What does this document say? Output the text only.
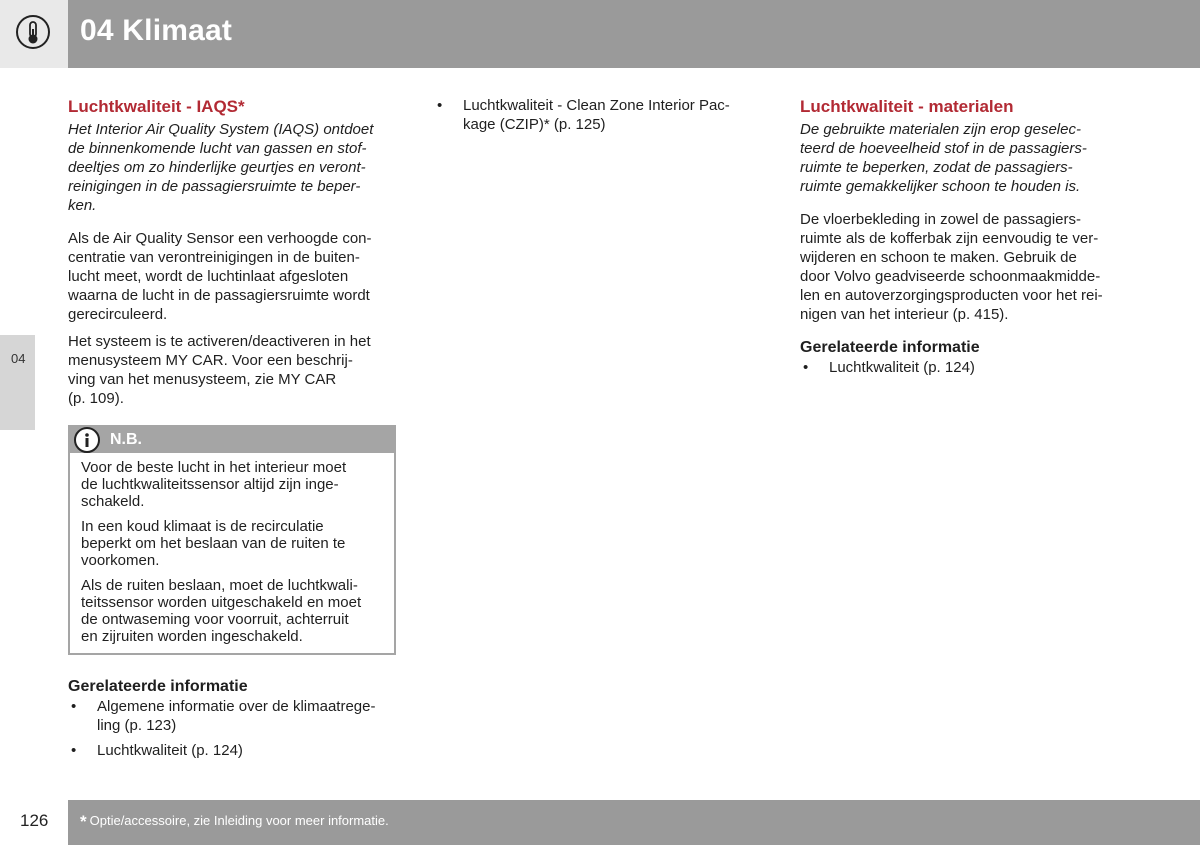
04 Klimaat
04
Luchtkwaliteit - IAQS*

Het Interior Air Quality System (IAQS) ontdoet
de binnenkomende lucht van gassen en stof-
deeltjes om zo hinderlijke geurtjes en veront-
reinigingen in de passagiersruimte te beper-
ken.

Als de Air Quality Sensor een verhoogde con-
centratie van verontreinigingen in de buiten-
lucht meet, wordt de luchtinlaat afgesloten
waarna de lucht in de passagiersruimte wordt
gerecirculeerd.

Het systeem is te activeren/deactiveren in het
menusysteem MY CAR. Voor een beschrij-
ving van het menusysteem, zie MY CAR
(p. 109).

N.B.

Voor de beste lucht in het interieur moet
de luchtkwaliteitssensor altijd zijn inge-
schakeld.

In een koud klimaat is de recirculatie
beperkt om het beslaan van de ruiten te
voorkomen.

Als de ruiten beslaan, moet de luchtkwali-
teitssensor worden uitgeschakeld en moet
de ontwaseming voor voorruit, achterruit
en zijruiten worden ingeschakeld.

Gerelateerde informatie
• Algemene informatie over de klimaatrege-
ling (p. 123)
• Luchtkwaliteit (p. 124)
• Luchtkwaliteit - Clean Zone Interior Pac-
kage (CZIP)* (p. 125)
Luchtkwaliteit - materialen

De gebruikte materialen zijn erop geselec-
teerd de hoeveelheid stof in de passagiers-
ruimte te beperken, zodat de passagiers-
ruimte gemakkelijker schoon te houden is.

De vloerbekleding in zowel de passagiers-
ruimte als de kofferbak zijn eenvoudig te ver-
wijderen en schoon te maken. Gebruik de
door Volvo geadviseerde schoonmaakmidde-
len en autoverzorgingsproducten voor het rei-
nigen van het interieur (p. 415).

Gerelateerde informatie
• Luchtkwaliteit (p. 124)
126 * Optie/accessoire, zie Inleiding voor meer informatie.
